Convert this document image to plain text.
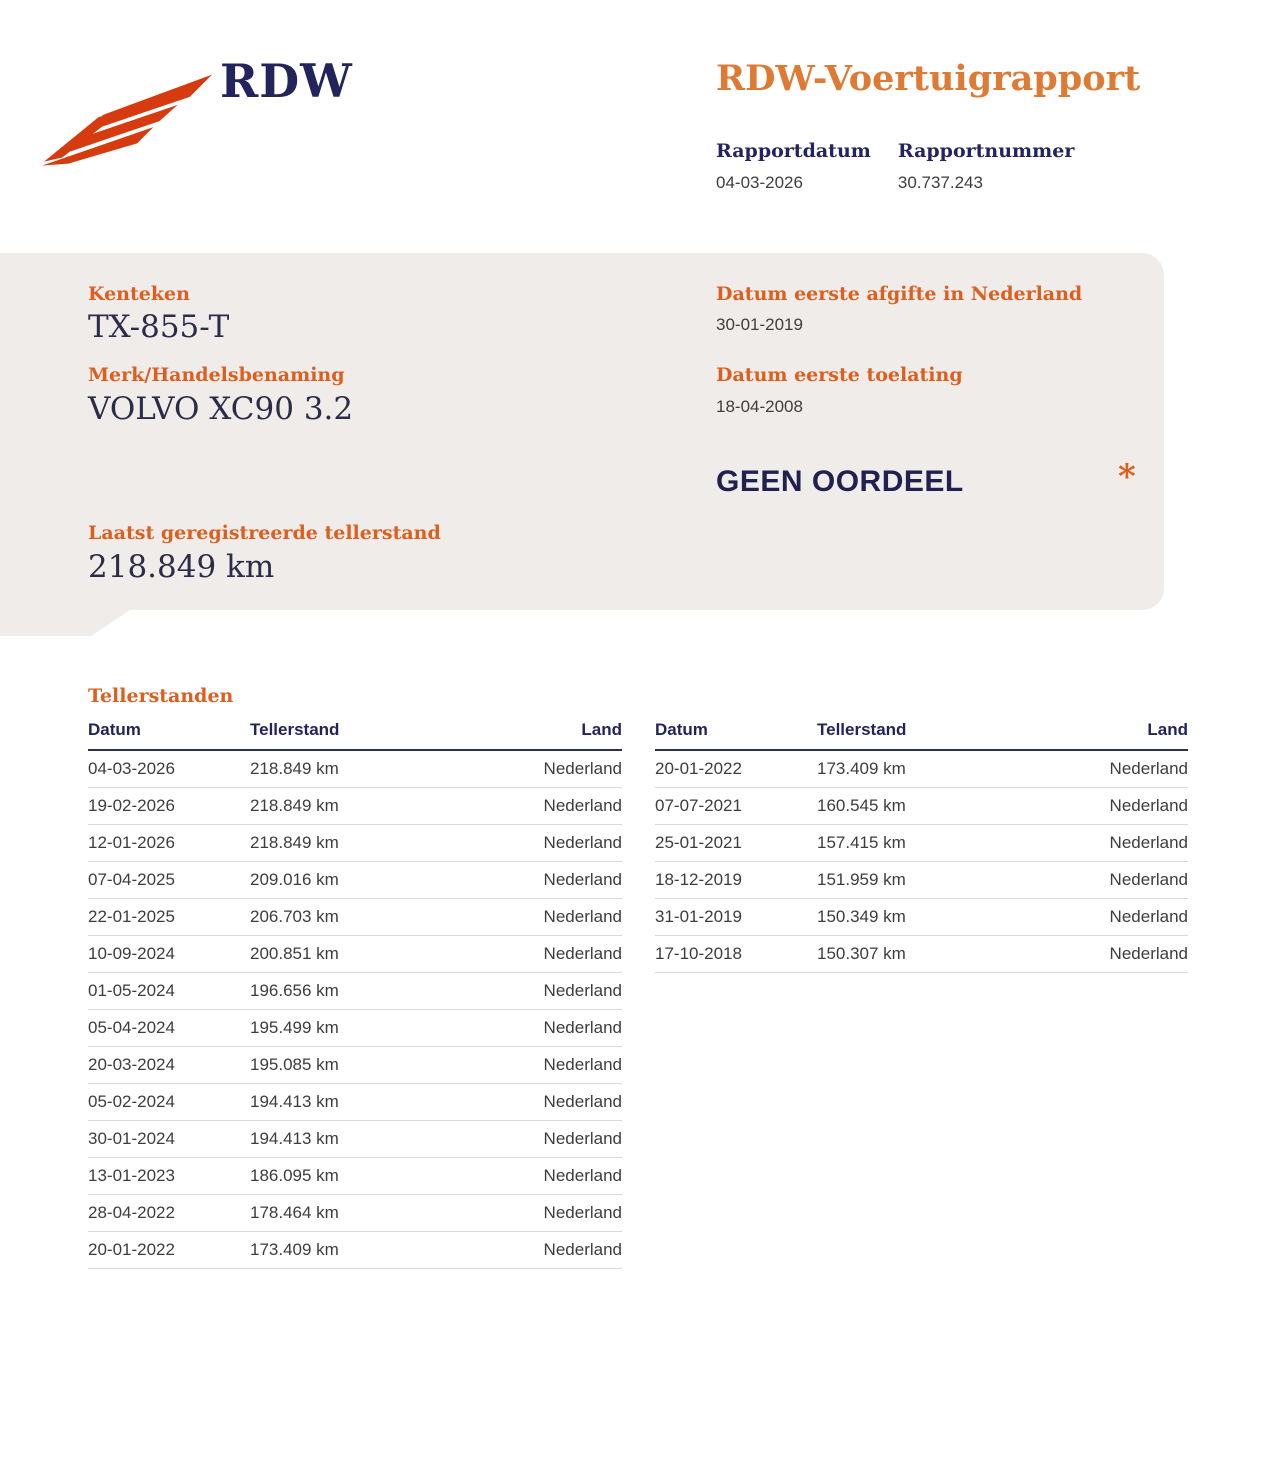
RDW	RDW-Voertuigrapport
Rapportdatum
04-03-2026
Rapportnummer
30.737.243
Kenteken
TX-855-T
Merk/Handelsbenaming
VOLVO XC90 3.2
Laatst geregistreerde tellerstand
218.849 km
Datum eerste afgifte in Nederland
30-01-2019
Datum eerste toelating
18-04-2008
GEEN OORDEEL	*
Tellerstanden
Datum	Tellerstand	Land
04-03-2026	218.849 km	Nederland
19-02-2026	218.849 km	Nederland
12-01-2026	218.849 km	Nederland
07-04-2025	209.016 km	Nederland
22-01-2025	206.703 km	Nederland
10-09-2024	200.851 km	Nederland
01-05-2024	196.656 km	Nederland
05-04-2024	195.499 km	Nederland
20-03-2024	195.085 km	Nederland
05-02-2024	194.413 km	Nederland
30-01-2024	194.413 km	Nederland
13-01-2023	186.095 km	Nederland
28-04-2022	178.464 km	Nederland
20-01-2022	173.409 km	Nederland
Datum	Tellerstand	Land
20-01-2022	173.409 km	Nederland
07-07-2021	160.545 km	Nederland
25-01-2021	157.415 km	Nederland
18-12-2019	151.959 km	Nederland
31-01-2019	150.349 km	Nederland
17-10-2018	150.307 km	Nederland
